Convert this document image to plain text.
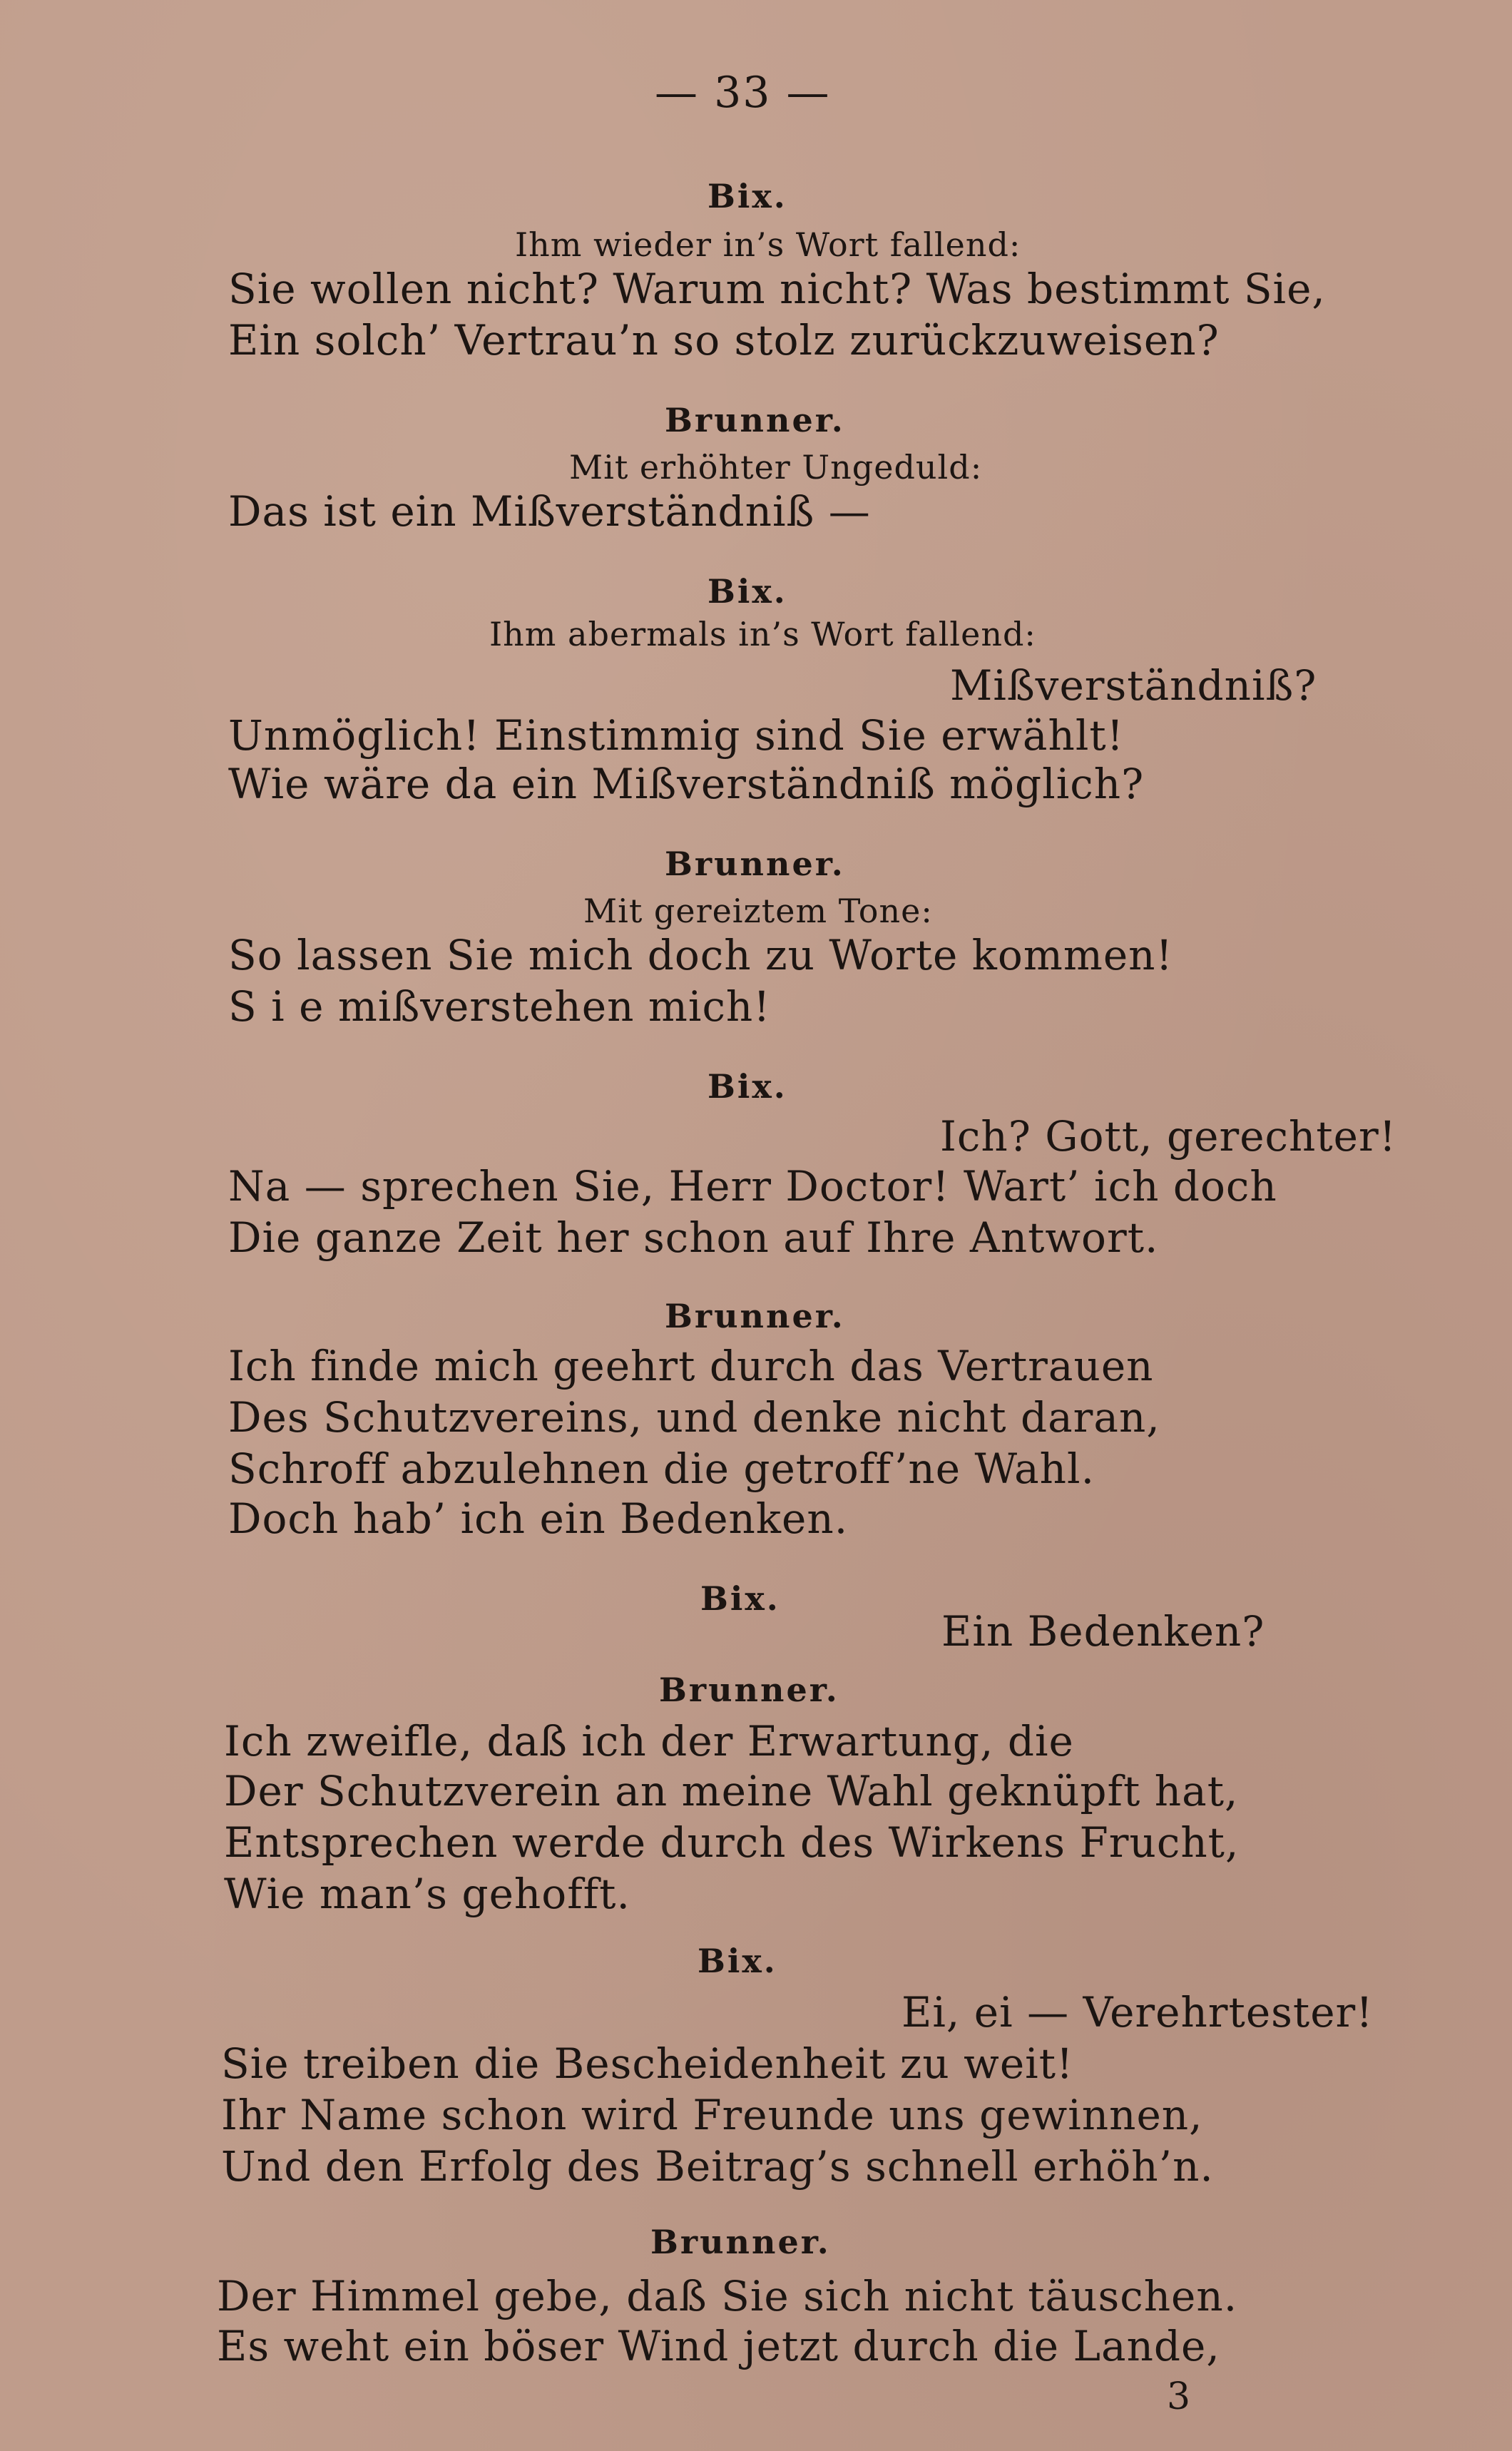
— 33 —
Bix.
Ihm wieder in’s Wort fallend:
Sie wollen nicht? Warum nicht? Was bestimmt Sie,
Ein solch’ Vertrau’n so stolz zurückzuweisen?
Brunner.
Mit erhöhter Ungeduld:
Das ist ein Mißverständniß —
Bix.
Ihm abermals in’s Wort fallend:
Mißverständniß?
Unmöglich! Einstimmig sind Sie erwählt!
Wie wäre da ein Mißverständniß möglich?
Brunner.
Mit gereiztem Tone:
So lassen Sie mich doch zu Worte kommen!
S i e mißverstehen mich!
Bix.
Ich? Gott, gerechter!
Na — sprechen Sie, Herr Doctor! Wart’ ich doch
Die ganze Zeit her schon auf Ihre Antwort.
Brunner.
Ich finde mich geehrt durch das Vertrauen
Des Schutzvereins, und denke nicht daran,
Schroff abzulehnen die getroff’ne Wahl.
Doch hab’ ich ein Bedenken.
Bix.
Ein Bedenken?
Brunner.
Ich zweifle, daß ich der Erwartung, die
Der Schutzverein an meine Wahl geknüpft hat,
Entsprechen werde durch des Wirkens Frucht,
Wie man’s gehofft.
Bix.
Ei, ei — Verehrtester!
Sie treiben die Bescheidenheit zu weit!
Ihr Name schon wird Freunde uns gewinnen,
Und den Erfolg des Beitrag’s schnell erhöh’n.
Brunner.
Der Himmel gebe, daß Sie sich nicht täuschen.
Es weht ein böser Wind jetzt durch die Lande,
3
